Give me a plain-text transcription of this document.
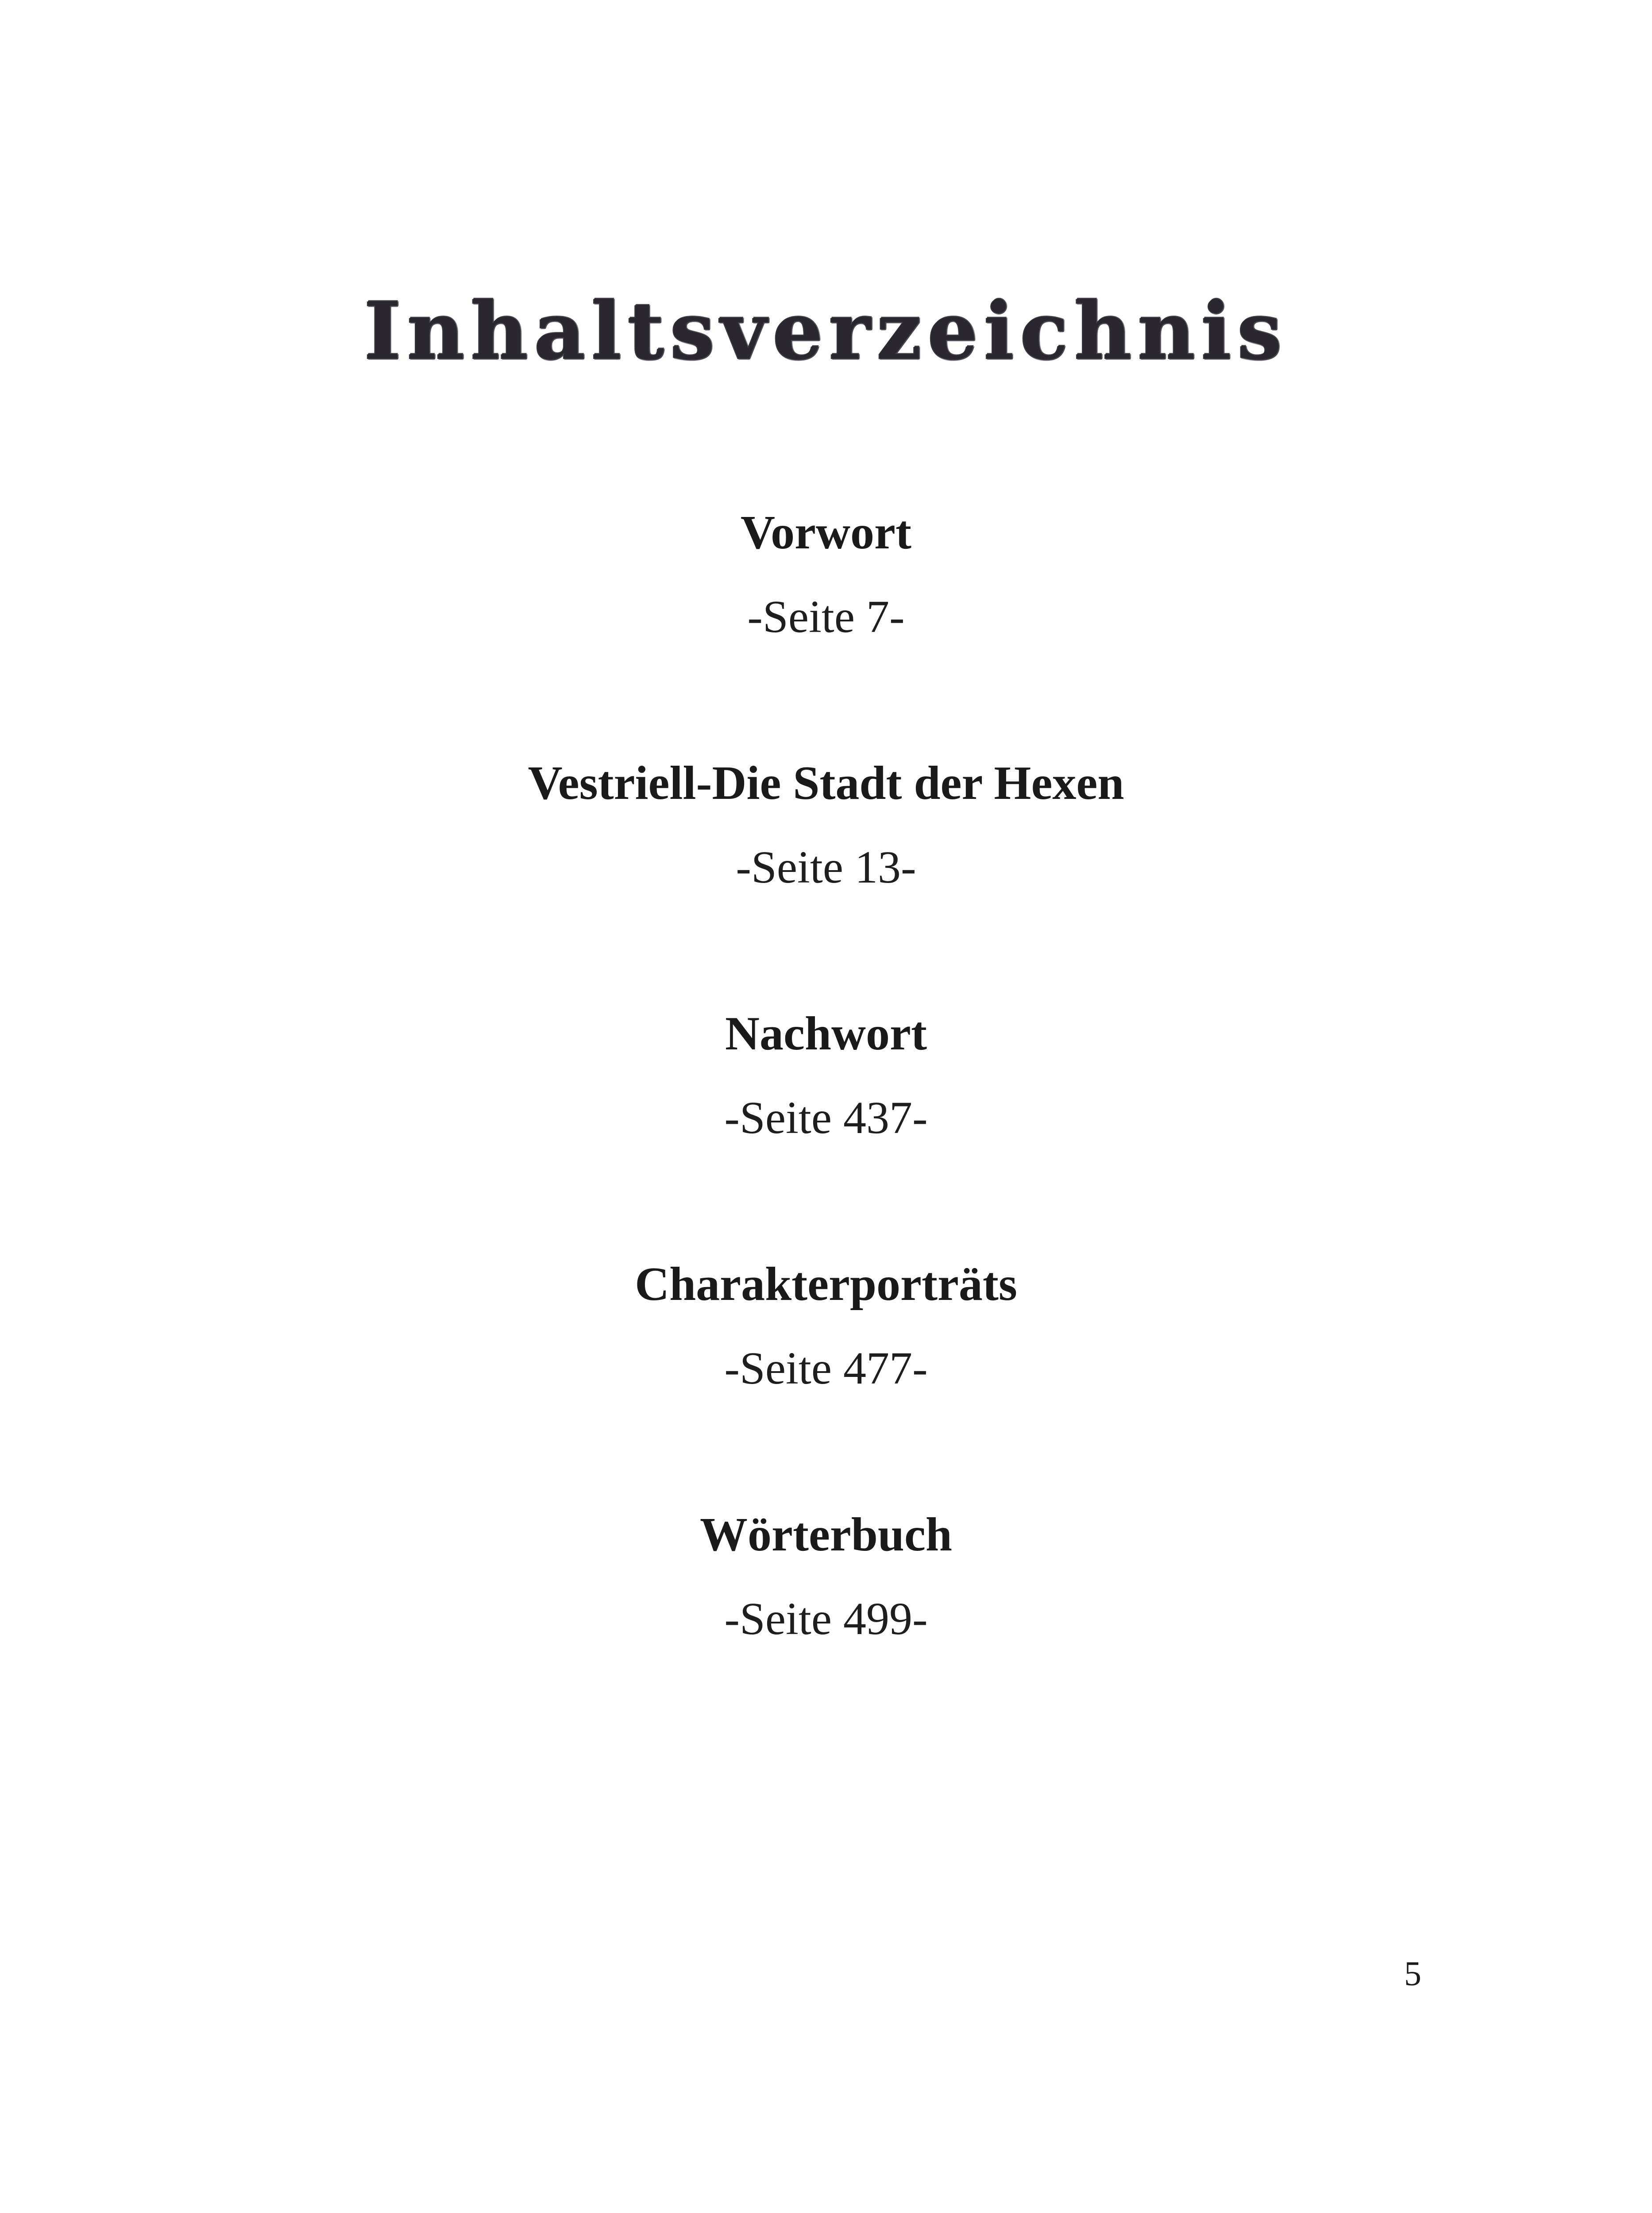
Inhaltsverzeichnis
Vorwort
-Seite 7-
Vestriell-Die Stadt der Hexen
-Seite 13-
Nachwort
-Seite 437-
Charakterporträts
-Seite 477-
Wörterbuch
-Seite 499-
5
